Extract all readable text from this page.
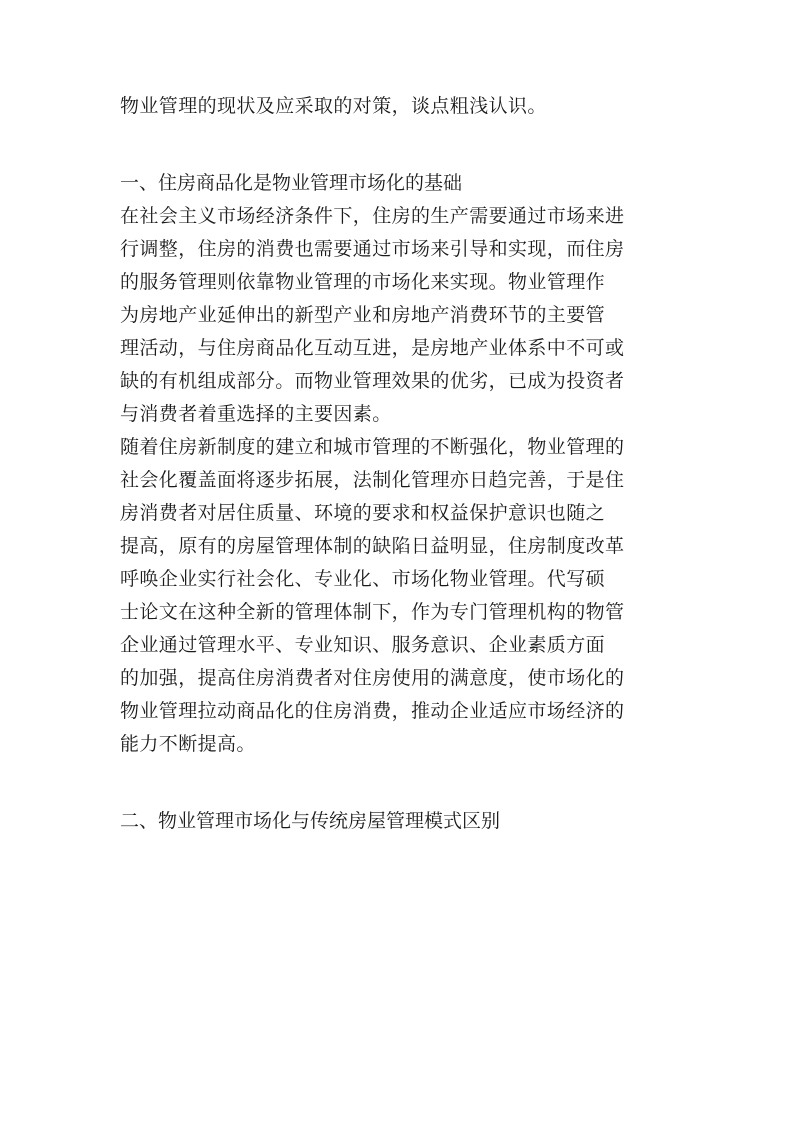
物业管理的现状及应采取的对策，谈点粗浅认识。
一、住房商品化是物业管理市场化的基础
在社会主义市场经济条件下，住房的生产需要通过市场来进
行调整，住房的消费也需要通过市场来引导和实现，而住房
的服务管理则依靠物业管理的市场化来实现。物业管理作
为房地产业延伸出的新型产业和房地产消费环节的主要管
理活动，与住房商品化互动互进，是房地产业体系中不可或
缺的有机组成部分。而物业管理效果的优劣，已成为投资者
与消费者着重选择的主要因素。
随着住房新制度的建立和城市管理的不断强化，物业管理的
社会化覆盖面将逐步拓展，法制化管理亦日趋完善，于是住
房消费者对居住质量、环境的要求和权益保护意识也随之
提高，原有的房屋管理体制的缺陷日益明显，住房制度改革
呼唤企业实行社会化、专业化、市场化物业管理。代写硕
士论文在这种全新的管理体制下，作为专门管理机构的物管
企业通过管理水平、专业知识、服务意识、企业素质方面
的加强，提高住房消费者对住房使用的满意度，使市场化的
物业管理拉动商品化的住房消费，推动企业适应市场经济的
能力不断提高。
二、物业管理市场化与传统房屋管理模式区别
